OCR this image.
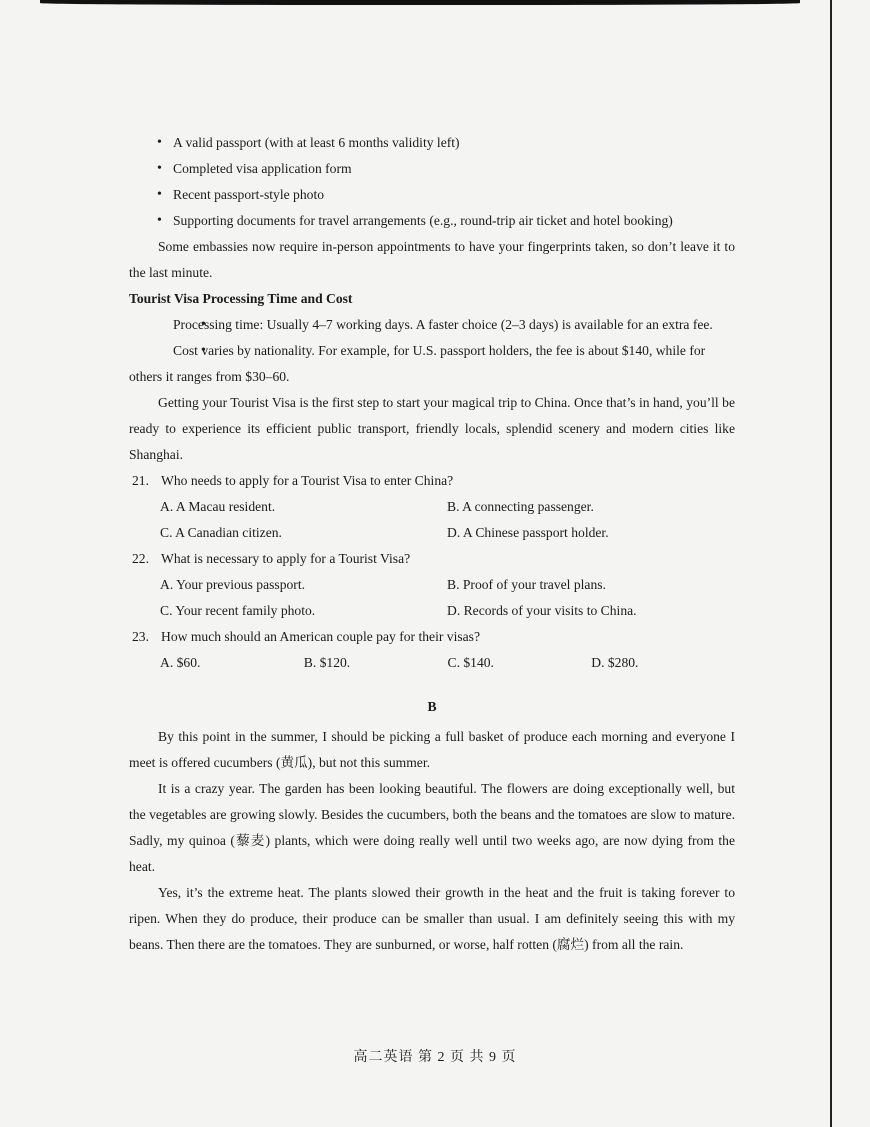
• A valid passport (with at least 6 months validity left)

• Completed visa application form

• Recent passport-style photo

• Supporting documents for travel arrangements (e.g., round-trip air ticket and hotel booking)

Some embassies now require in-person appointments to have your fingerprints taken, so don’t leave it to the last minute.

Tourist Visa Processing Time and Cost

• Processing time: Usually 4–7 working days. A faster choice (2–3 days) is available for an extra fee.

• Cost varies by nationality. For example, for U.S. passport holders, the fee is about $140, while for others it ranges from $30–60.

Getting your Tourist Visa is the first step to start your magical trip to China. Once that’s in hand, you’ll be ready to experience its efficient public transport, friendly locals, splendid scenery and modern cities like Shanghai.

21. Who needs to apply for a Tourist Visa to enter China?

A. A Macau resident.	B. A connecting passenger.
C. A Canadian citizen.	D. A Chinese passport holder.

22. What is necessary to apply for a Tourist Visa?

A. Your previous passport.	B. Proof of your travel plans.
C. Your recent family photo.	D. Records of your visits to China.

23. How much should an American couple pay for their visas?

A. $60.	B. $120.	C. $140.	D. $280.

B

By this point in the summer, I should be picking a full basket of produce each morning and everyone I meet is offered cucumbers (黄瓜), but not this summer.

It is a crazy year. The garden has been looking beautiful. The flowers are doing exceptionally well, but the vegetables are growing slowly. Besides the cucumbers, both the beans and the tomatoes are slow to mature. Sadly, my quinoa (藜麦) plants, which were doing really well until two weeks ago, are now dying from the heat.

Yes, it’s the extreme heat. The plants slowed their growth in the heat and the fruit is taking forever to ripen. When they do produce, their produce can be smaller than usual. I am definitely seeing this with my beans. Then there are the tomatoes. They are sunburned, or worse, half rotten (腐烂) from all the rain.

高二英语 第 2 页 共 9 页
